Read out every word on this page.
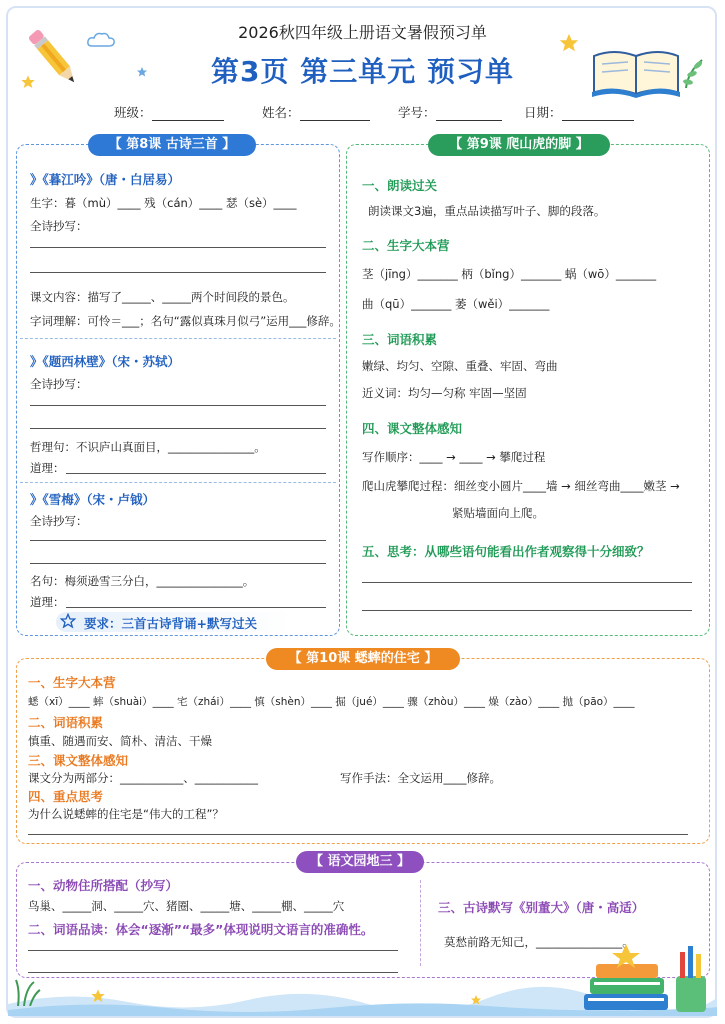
2026秋四年级上册语文暑假预习单
第3页 第三单元 预习单
班级：	姓名：	学号：	日期：
【 第8课 古诗三首 】
》《暮江吟》（唐・白居易）
生字：暮（mù）____ 残（cán）____ 瑟（sè）____
全诗抄写：
课文内容：描写了_____、_____两个时间段的景色。
字词理解：可怜＝___；名句“露似真珠月似弓”运用___修辞。
》《题西林壁》（宋・苏轼）
全诗抄写：
哲理句：不识庐山真面目，_______________。
道理：
》《雪梅》（宋・卢钺）
全诗抄写：
名句：梅须逊雪三分白，_______________。
道理：
要求：三首古诗背诵+默写过关
【 第9课 爬山虎的脚 】
一、朗读过关
朗读课文3遍，重点品读描写叶子、脚的段落。
二、生字大本营
茎（jīng）_______ 柄（bǐng）_______ 蜗（wō）_______
曲（qū）_______ 萎（wěi）_______
三、词语积累
嫩绿、均匀、空隙、重叠、牢固、弯曲
近义词：均匀—匀称 牢固—坚固
四、课文整体感知
写作顺序：____ → ____ → 攀爬过程
爬山虎攀爬过程：细丝变小圆片____墙 → 细丝弯曲____嫩茎 →
紧贴墙面向上爬。
五、思考：从哪些语句能看出作者观察得十分细致？
【 第10课 蟋蟀的住宅 】
一、生字大本营
蟋（xī）____ 蟀（shuài）____ 宅（zhái）____ 慎（shèn）____ 掘（jué）____ 骤（zhòu）____ 燥（zào）____ 抛（pāo）____
二、词语积累
慎重、随遇而安、简朴、清洁、干燥
三、课文整体感知
课文分为两部分：___________、___________	写作手法：全文运用____修辞。
四、重点思考
为什么说蟋蟀的住宅是“伟大的工程”？
【 语文园地三 】
一、动物住所搭配（抄写）
鸟巢、_____洞、_____穴、猪圈、_____塘、_____棚、_____穴
二、词语品读：体会“逐渐”“最多”体现说明文语言的准确性。
三、古诗默写《别董大》（唐・高适）
莫愁前路无知己，_______________。
